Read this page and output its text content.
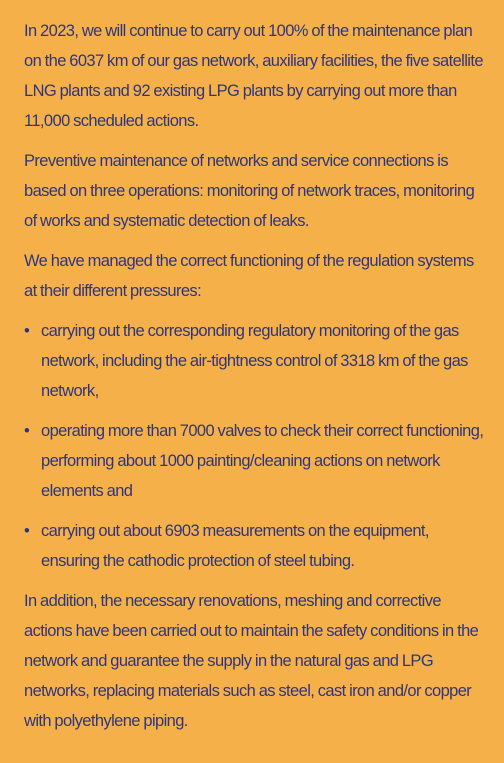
In 2023, we will continue to carry out 100% of the maintenance plan on the 6037 km of our gas network, auxiliary facilities, the five satellite LNG plants and 92 existing LPG plants by carrying out more than 11,000 scheduled actions.

Preventive maintenance of networks and service connections is based on three operations: monitoring of network traces, monitoring of works and systematic detection of leaks.

We have managed the correct functioning of the regulation systems at their different pressures:

• carrying out the corresponding regulatory monitoring of the gas network, including the air-tightness control of 3318 km of the gas network,
• operating more than 7000 valves to check their correct functioning, performing about 1000 painting/cleaning actions on network elements and
• carrying out about 6903 measurements on the equipment, ensuring the cathodic protection of steel tubing.

In addition, the necessary renovations, meshing and corrective actions have been carried out to maintain the safety conditions in the network and guarantee the supply in the natural gas and LPG networks, replacing materials such as steel, cast iron and/or copper with polyethylene piping.
